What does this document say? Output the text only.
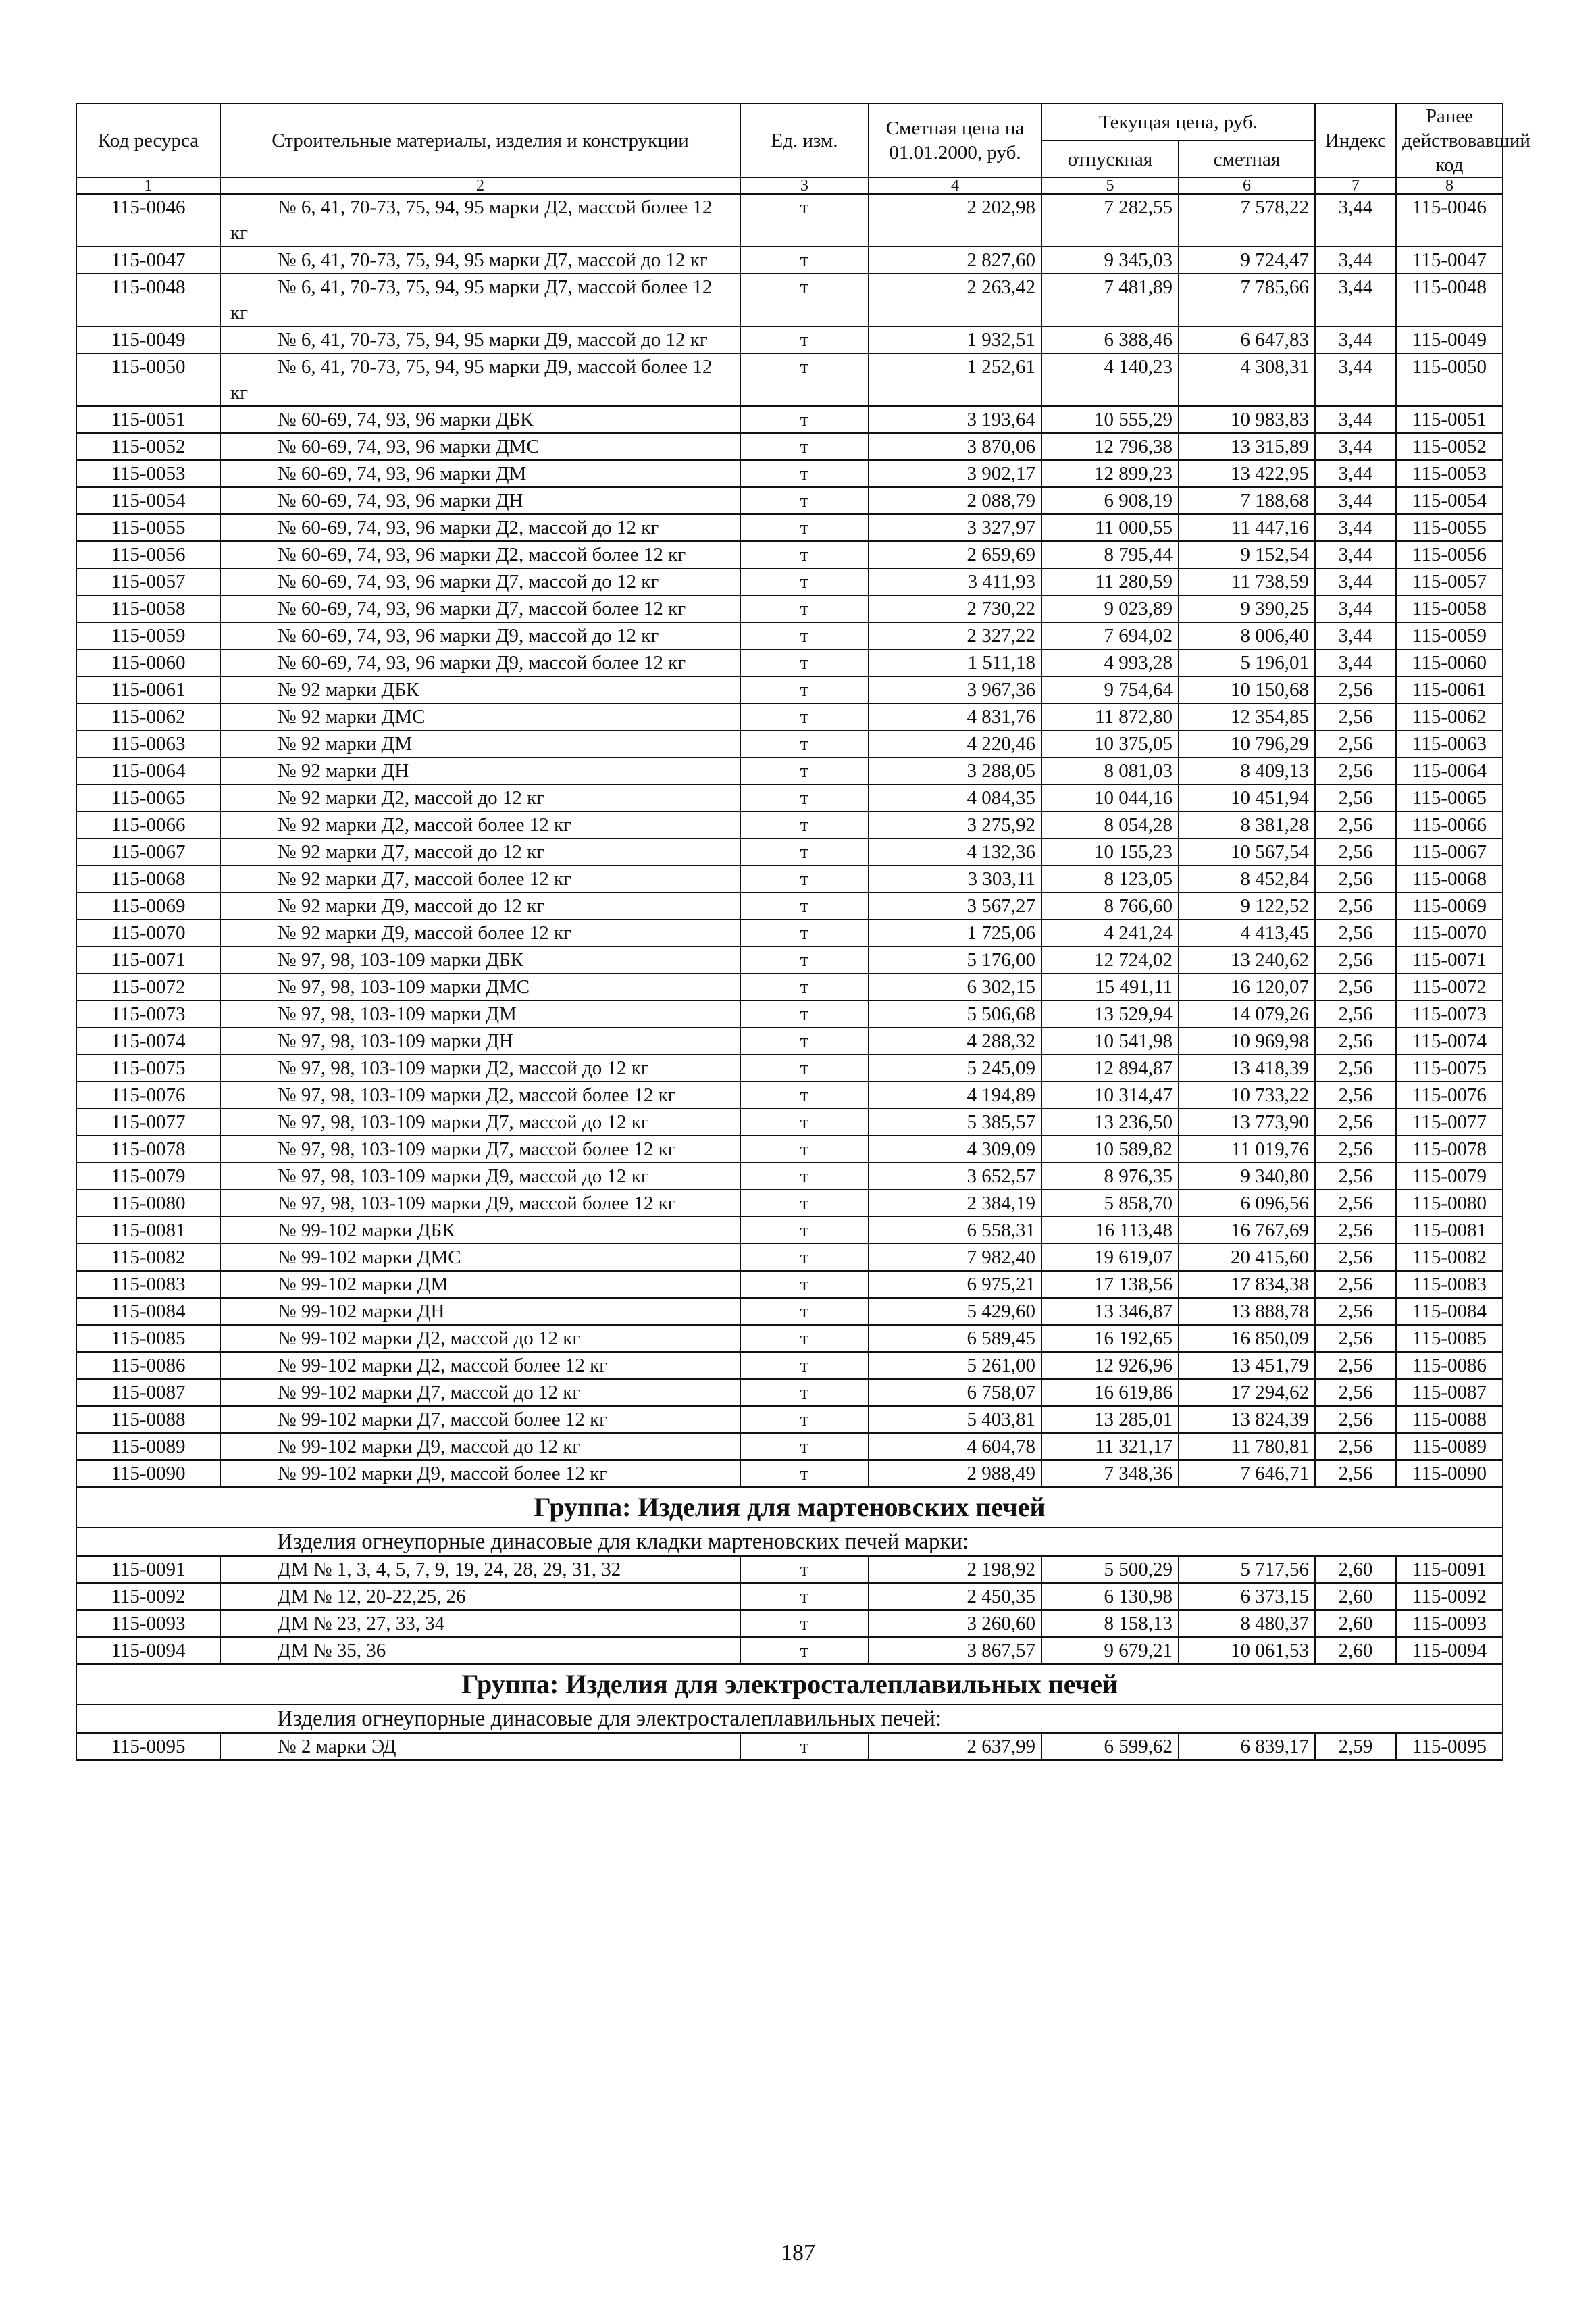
Код ресурса	Строительные материалы, изделия и конструкции	Ед. изм.	Сметная цена на 01.01.2000, руб.	Текущая цена, руб.		Индекс	Ранее действовавший код
				отпускная	сметная		
1	2	3	4	5	6	7	8
115-0046	№ 6, 41, 70-73, 75, 94, 95 марки Д2, массой более 12 кг	т	2 202,98	7 282,55	7 578,22	3,44	115-0046
115-0047	№ 6, 41, 70-73, 75, 94, 95 марки Д7, массой до 12 кг	т	2 827,60	9 345,03	9 724,47	3,44	115-0047
115-0048	№ 6, 41, 70-73, 75, 94, 95 марки Д7, массой более 12 кг	т	2 263,42	7 481,89	7 785,66	3,44	115-0048
115-0049	№ 6, 41, 70-73, 75, 94, 95 марки Д9, массой до 12 кг	т	1 932,51	6 388,46	6 647,83	3,44	115-0049
115-0050	№ 6, 41, 70-73, 75, 94, 95 марки Д9, массой более 12 кг	т	1 252,61	4 140,23	4 308,31	3,44	115-0050
115-0051	№ 60-69, 74, 93, 96 марки ДБК	т	3 193,64	10 555,29	10 983,83	3,44	115-0051
115-0052	№ 60-69, 74, 93, 96 марки ДМС	т	3 870,06	12 796,38	13 315,89	3,44	115-0052
115-0053	№ 60-69, 74, 93, 96 марки ДМ	т	3 902,17	12 899,23	13 422,95	3,44	115-0053
115-0054	№ 60-69, 74, 93, 96 марки ДН	т	2 088,79	6 908,19	7 188,68	3,44	115-0054
115-0055	№ 60-69, 74, 93, 96 марки Д2, массой до 12 кг	т	3 327,97	11 000,55	11 447,16	3,44	115-0055
115-0056	№ 60-69, 74, 93, 96 марки Д2, массой более 12 кг	т	2 659,69	8 795,44	9 152,54	3,44	115-0056
115-0057	№ 60-69, 74, 93, 96 марки Д7, массой до 12 кг	т	3 411,93	11 280,59	11 738,59	3,44	115-0057
115-0058	№ 60-69, 74, 93, 96 марки Д7, массой более 12 кг	т	2 730,22	9 023,89	9 390,25	3,44	115-0058
115-0059	№ 60-69, 74, 93, 96 марки Д9, массой до 12 кг	т	2 327,22	7 694,02	8 006,40	3,44	115-0059
115-0060	№ 60-69, 74, 93, 96 марки Д9, массой более 12 кг	т	1 511,18	4 993,28	5 196,01	3,44	115-0060
115-0061	№ 92 марки ДБК	т	3 967,36	9 754,64	10 150,68	2,56	115-0061
115-0062	№ 92 марки ДМС	т	4 831,76	11 872,80	12 354,85	2,56	115-0062
115-0063	№ 92 марки ДМ	т	4 220,46	10 375,05	10 796,29	2,56	115-0063
115-0064	№ 92 марки ДН	т	3 288,05	8 081,03	8 409,13	2,56	115-0064
115-0065	№ 92 марки Д2, массой до 12 кг	т	4 084,35	10 044,16	10 451,94	2,56	115-0065
115-0066	№ 92 марки Д2, массой более 12 кг	т	3 275,92	8 054,28	8 381,28	2,56	115-0066
115-0067	№ 92 марки Д7, массой до 12 кг	т	4 132,36	10 155,23	10 567,54	2,56	115-0067
115-0068	№ 92 марки Д7, массой более 12 кг	т	3 303,11	8 123,05	8 452,84	2,56	115-0068
115-0069	№ 92 марки Д9, массой до 12 кг	т	3 567,27	8 766,60	9 122,52	2,56	115-0069
115-0070	№ 92 марки Д9, массой более 12 кг	т	1 725,06	4 241,24	4 413,45	2,56	115-0070
115-0071	№ 97, 98, 103-109 марки ДБК	т	5 176,00	12 724,02	13 240,62	2,56	115-0071
115-0072	№ 97, 98, 103-109 марки ДМС	т	6 302,15	15 491,11	16 120,07	2,56	115-0072
115-0073	№ 97, 98, 103-109 марки ДМ	т	5 506,68	13 529,94	14 079,26	2,56	115-0073
115-0074	№ 97, 98, 103-109 марки ДН	т	4 288,32	10 541,98	10 969,98	2,56	115-0074
115-0075	№ 97, 98, 103-109 марки Д2, массой до 12 кг	т	5 245,09	12 894,87	13 418,39	2,56	115-0075
115-0076	№ 97, 98, 103-109 марки Д2, массой более 12 кг	т	4 194,89	10 314,47	10 733,22	2,56	115-0076
115-0077	№ 97, 98, 103-109 марки Д7, массой до 12 кг	т	5 385,57	13 236,50	13 773,90	2,56	115-0077
115-0078	№ 97, 98, 103-109 марки Д7, массой более 12 кг	т	4 309,09	10 589,82	11 019,76	2,56	115-0078
115-0079	№ 97, 98, 103-109 марки Д9, массой до 12 кг	т	3 652,57	8 976,35	9 340,80	2,56	115-0079
115-0080	№ 97, 98, 103-109 марки Д9, массой более 12 кг	т	2 384,19	5 858,70	6 096,56	2,56	115-0080
115-0081	№ 99-102 марки ДБК	т	6 558,31	16 113,48	16 767,69	2,56	115-0081
115-0082	№ 99-102 марки ДМС	т	7 982,40	19 619,07	20 415,60	2,56	115-0082
115-0083	№ 99-102 марки ДМ	т	6 975,21	17 138,56	17 834,38	2,56	115-0083
115-0084	№ 99-102 марки ДН	т	5 429,60	13 346,87	13 888,78	2,56	115-0084
115-0085	№ 99-102 марки Д2, массой до 12 кг	т	6 589,45	16 192,65	16 850,09	2,56	115-0085
115-0086	№ 99-102 марки Д2, массой более 12 кг	т	5 261,00	12 926,96	13 451,79	2,56	115-0086
115-0087	№ 99-102 марки Д7, массой до 12 кг	т	6 758,07	16 619,86	17 294,62	2,56	115-0087
115-0088	№ 99-102 марки Д7, массой более 12 кг	т	5 403,81	13 285,01	13 824,39	2,56	115-0088
115-0089	№ 99-102 марки Д9, массой до 12 кг	т	4 604,78	11 321,17	11 780,81	2,56	115-0089
115-0090	№ 99-102 марки Д9, массой более 12 кг	т	2 988,49	7 348,36	7 646,71	2,56	115-0090
Группа: Изделия для мартеновских печей							
Изделия огнеупорные динасовые для кладки мартеновских печей марки:							
115-0091	ДМ № 1, 3, 4, 5, 7, 9, 19, 24, 28, 29, 31, 32	т	2 198,92	5 500,29	5 717,56	2,60	115-0091
115-0092	ДМ № 12, 20-22,25, 26	т	2 450,35	6 130,98	6 373,15	2,60	115-0092
115-0093	ДМ № 23, 27, 33, 34	т	3 260,60	8 158,13	8 480,37	2,60	115-0093
115-0094	ДМ № 35, 36	т	3 867,57	9 679,21	10 061,53	2,60	115-0094
Группа: Изделия для электросталеплавильных печей							
Изделия огнеупорные динасовые для электросталеплавильных печей:							
115-0095	№ 2 марки ЭД	т	2 637,99	6 599,62	6 839,17	2,59	115-0095
187
